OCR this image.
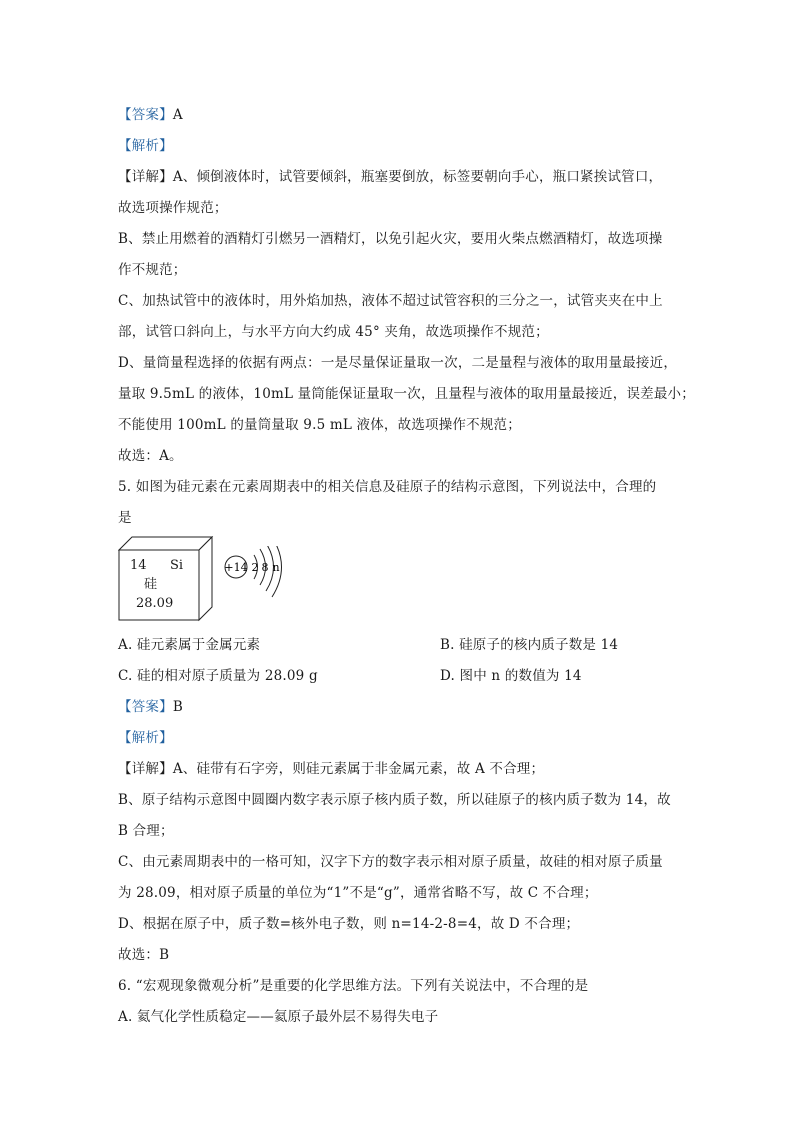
【答案】A
【解析】
【详解】A、倾倒液体时，试管要倾斜，瓶塞要倒放，标签要朝向手心，瓶口紧挨试管口，
故选项操作规范；
B、禁止用燃着的酒精灯引燃另一酒精灯，以免引起火灾，要用火柴点燃酒精灯，故选项操
作不规范；
C、加热试管中的液体时，用外焰加热，液体不超过试管容积的三分之一，试管夹夹在中上
部，试管口斜向上，与水平方向大约成 45° 夹角，故选项操作不规范；
D、量筒量程选择的依据有两点：一是尽量保证量取一次，二是量程与液体的取用量最接近，
量取 9.5mL 的液体，10mL 量筒能保证量取一次，且量程与液体的取用量最接近，误差最小；
不能使用 100mL 的量筒量取 9.5 mL 液体，故选项操作不规范；
故选：A。
5. 如图为硅元素在元素周期表中的相关信息及硅原子的结构示意图，下列说法中，合理的
是
14 Si
硅
28.09
+14 2 8 n
A. 硅元素属于金属元素	B. 硅原子的核内质子数是 14
C. 硅的相对原子质量为 28.09 g	D. 图中 n 的数值为 14
【答案】B
【解析】
【详解】A、硅带有石字旁，则硅元素属于非金属元素，故 A 不合理；
B、原子结构示意图中圆圈内数字表示原子核内质子数，所以硅原子的核内质子数为 14，故
B 合理；
C、由元素周期表中的一格可知，汉字下方的数字表示相对原子质量，故硅的相对原子质量
为 28.09，相对原子质量的单位为“1”不是“g”，通常省略不写，故 C 不合理；
D、根据在原子中，质子数=核外电子数，则 n=14-2-8=4，故 D 不合理；
故选：B
6. “宏观现象微观分析”是重要的化学思维方法。下列有关说法中，不合理的是
A. 氦气化学性质稳定——氦原子最外层不易得失电子
